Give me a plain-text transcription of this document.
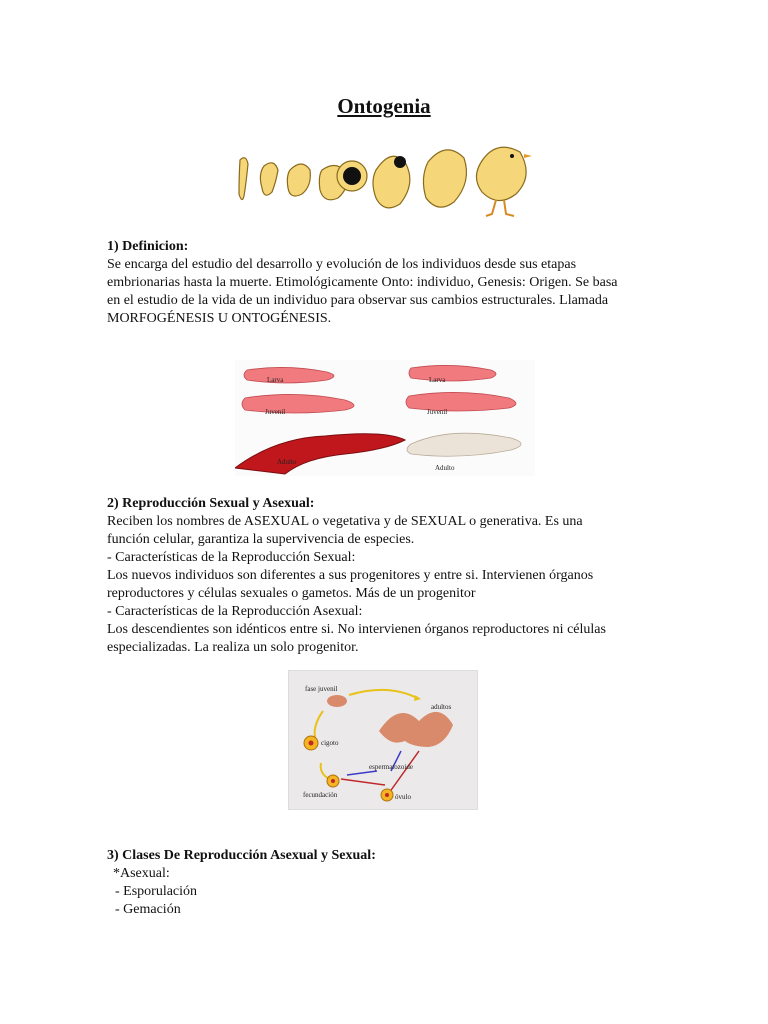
Ontogenia

1) Definicion:

Se encarga del estudio del desarrollo y evolución de los individuos desde sus etapas

embrionarias hasta la muerte. Etimológicamente Onto: individuo, Genesis: Origen. Se basa

en el estudio de la vida de un individuo para observar sus cambios estructurales. Llamada

MORFOGÉNESIS U ONTOGÉNESIS.

Larva
Juvenil
Adulto
Larva
Juvenil
Adulto

2) Reproducción Sexual y Asexual:

Reciben los nombres de ASEXUAL o vegetativa y de SEXUAL o generativa. Es una

función celular, garantiza la supervivencia de especies.

- Características de la Reproducción Sexual:

Los nuevos individuos son diferentes a sus progenitores y entre si. Intervienen órganos

reproductores y células sexuales o gametos. Más de un progenitor

- Características de la Reproducción Asexual:

Los descendientes son idénticos entre si. No intervienen órganos reproductores ni células

especializadas. La realiza un solo progenitor.

fase juvenil
adultos
cigoto
espermatozoide
fecundación	óvulo

3) Clases De Reproducción Asexual y Sexual:

*Asexual:

- Esporulación

- Gemación
